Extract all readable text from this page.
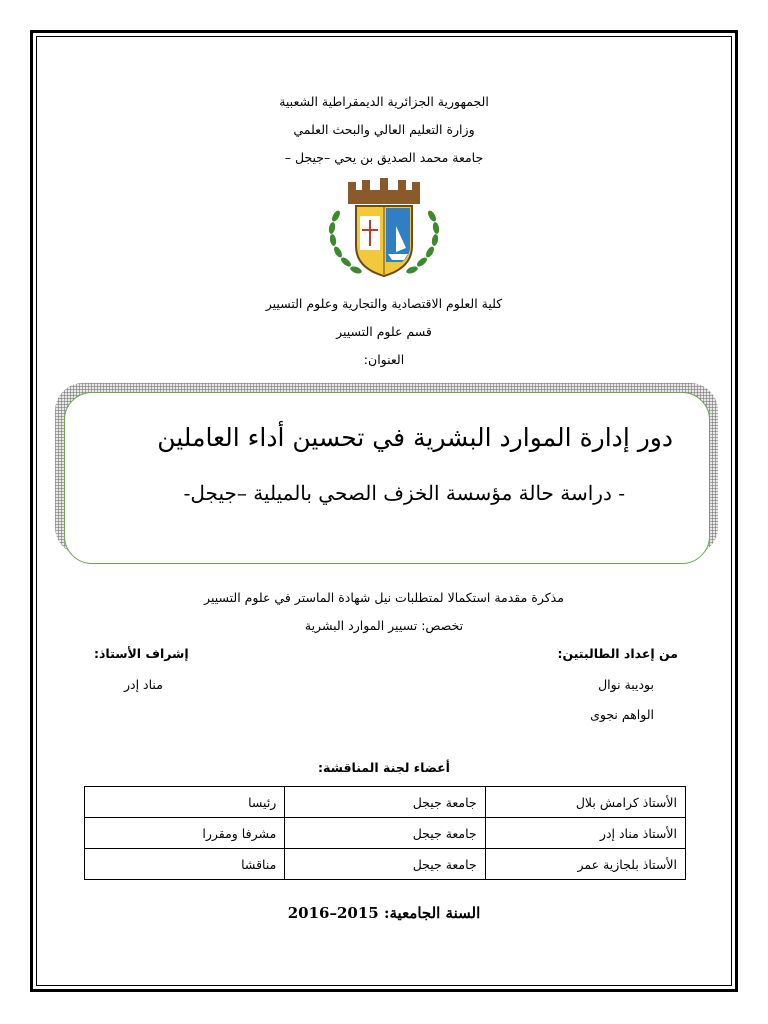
الجمهورية الجزائرية الديمقراطية الشعبية
وزارة التعليم العالي والبحث العلمي
جامعة محمد الصديق بن يحي –جيجل –
كلية العلوم الاقتصادية والتجارية وعلوم التسيير
قسم علوم التسيير
العنوان:
دور إدارة الموارد البشرية في تحسين أداء العاملين
- دراسة حالة مؤسسة الخزف الصحي بالميلية –جيجل-
مذكرة مقدمة استكمالا لمتطلبات نيل شهادة الماستر في علوم التسيير
تخصص: تسيير الموارد البشرية
من إعداد الطالبتين:
بوديبة نوال
الواهم نجوى
إشراف الأستاذ:
مناد إدر
أعضاء لجنة المناقشة:
الأستاذ كرامش بلال	جامعة جيجل	رئيسا
الأستاذ مناد إدر	جامعة جيجل	مشرفا ومقررا
الأستاذ بلجازية عمر	جامعة جيجل	مناقشا
السنة الجامعية: 2016–2015
